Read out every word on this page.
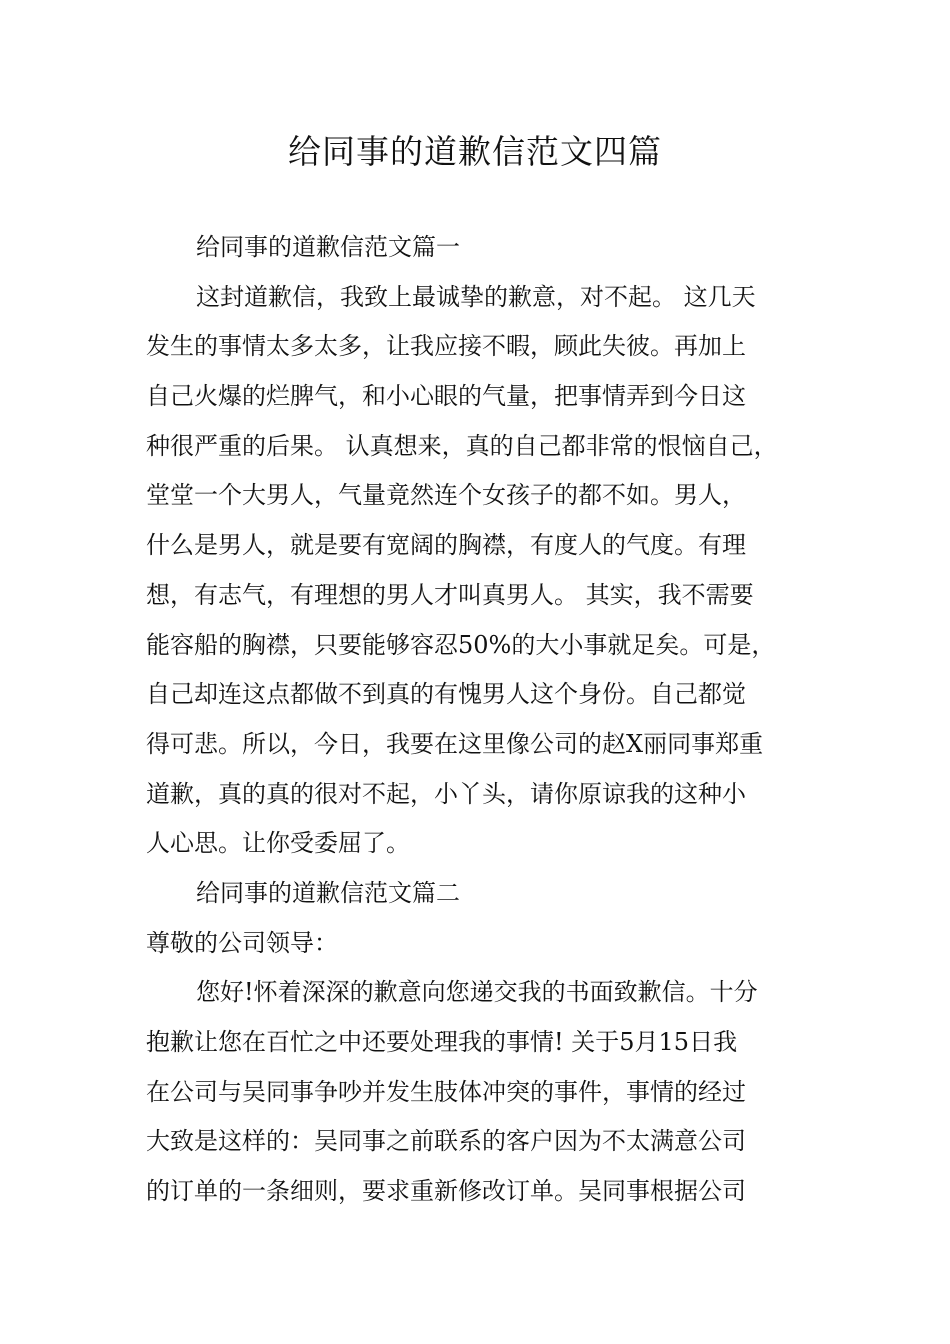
给同事的道歉信范文四篇
给同事的道歉信范文篇一
这封道歉信，我致上最诚挚的歉意，对不起。 这几天
发生的事情太多太多，让我应接不暇，顾此失彼。再加上
自己火爆的烂脾气，和小心眼的气量，把事情弄到今日这
种很严重的后果。 认真想来，真的自己都非常的恨恼自己，
堂堂一个大男人，气量竟然连个女孩子的都不如。男人，
什么是男人，就是要有宽阔的胸襟，有度人的气度。有理
想，有志气，有理想的男人才叫真男人。 其实，我不需要
能容船的胸襟，只要能够容忍50%的大小事就足矣。可是，
自己却连这点都做不到真的有愧男人这个身份。自己都觉
得可悲。所以，今日，我要在这里像公司的赵X丽同事郑重
道歉，真的真的很对不起，小丫头，请你原谅我的这种小
人心思。让你受委屈了。
给同事的道歉信范文篇二
尊敬的公司领导：
您好!怀着深深的歉意向您递交我的书面致歉信。十分
抱歉让您在百忙之中还要处理我的事情! 关于5月15日我
在公司与吴同事争吵并发生肢体冲突的事件，事情的经过
大致是这样的：吴同事之前联系的客户因为不太满意公司
的订单的一条细则，要求重新修改订单。吴同事根据公司
